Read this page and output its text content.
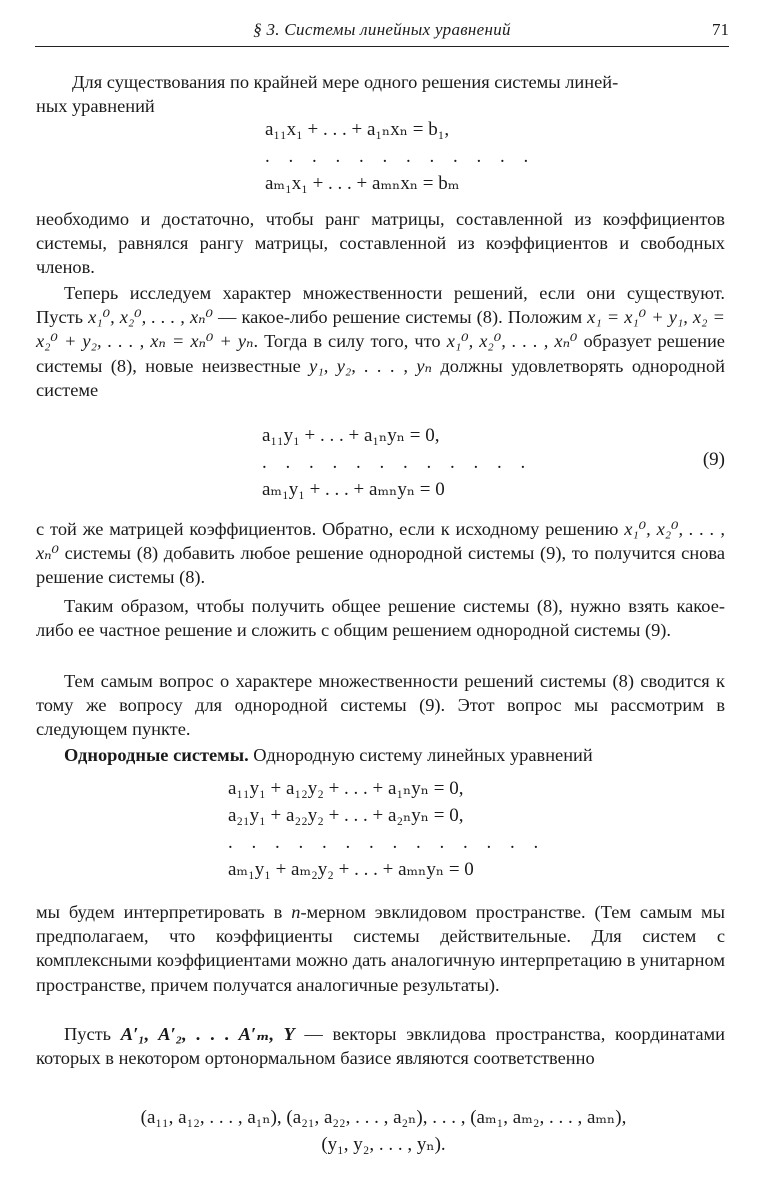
§ 3. Системы линейных уравнений	71

Для существования по крайней мере одного решения системы линей-
ных уравнений

a₁₁x₁ + . . . + a₁ₙxₙ = b₁,
. . . . . . . . . . . .
aₘ₁x₁ + . . . + aₘₙxₙ = bₘ

необходимо и достаточно, чтобы ранг матрицы, составленной из коэффициентов системы, равнялся рангу матрицы, составленной из коэффициентов и свободных членов.

Теперь исследуем характер множественности решений, если они существуют. Пусть x₁⁰, x₂⁰, . . . , xₙ⁰ — какое-либо решение системы (8). Положим x₁ = x₁⁰ + y₁, x₂ = x₂⁰ + y₂, . . . , xₙ = xₙ⁰ + yₙ. Тогда в силу того, что x₁⁰, x₂⁰, . . . , xₙ⁰ образует решение системы (8), новые неизвестные y₁, y₂, . . . , yₙ должны удовлетворять однородной системе

a₁₁y₁ + . . . + a₁ₙyₙ = 0,
. . . . . . . . . . . .
aₘ₁y₁ + . . . + aₘₙyₙ = 0
(9)

с той же матрицей коэффициентов. Обратно, если к исходному решению x₁⁰, x₂⁰, . . . , xₙ⁰ системы (8) добавить любое решение однородной системы (9), то получится снова решение системы (8).

Таким образом, чтобы получить общее решение системы (8), нужно взять какое-либо ее частное решение и сложить с общим решением однородной системы (9).

Тем самым вопрос о характере множественности решений системы (8) сводится к тому же вопросу для однородной системы (9). Этот вопрос мы рассмотрим в следующем пункте.

Однородные системы. Однородную систему линейных уравнений

a₁₁y₁ + a₁₂y₂ + . . . + a₁ₙyₙ = 0,
a₂₁y₁ + a₂₂y₂ + . . . + a₂ₙyₙ = 0,
. . . . . . . . . . . . . .
aₘ₁y₁ + aₘ₂y₂ + . . . + aₘₙyₙ = 0

мы будем интерпретировать в n-мерном эвклидовом пространстве. (Тем самым мы предполагаем, что коэффициенты системы действительные. Для систем с комплексными коэффициентами можно дать аналогичную интерпретацию в унитарном пространстве, причем получатся аналогичные результаты).

Пусть A′₁, A′₂, . . . A′ₘ, Y — векторы эвклидова пространства, координатами которых в некотором ортонормальном базисе являются соответственно

(a₁₁, a₁₂, . . . , a₁ₙ), (a₂₁, a₂₂, . . . , a₂ₙ), . . . , (aₘ₁, aₘ₂, . . . , aₘₙ),
(y₁, y₂, . . . , yₙ).
